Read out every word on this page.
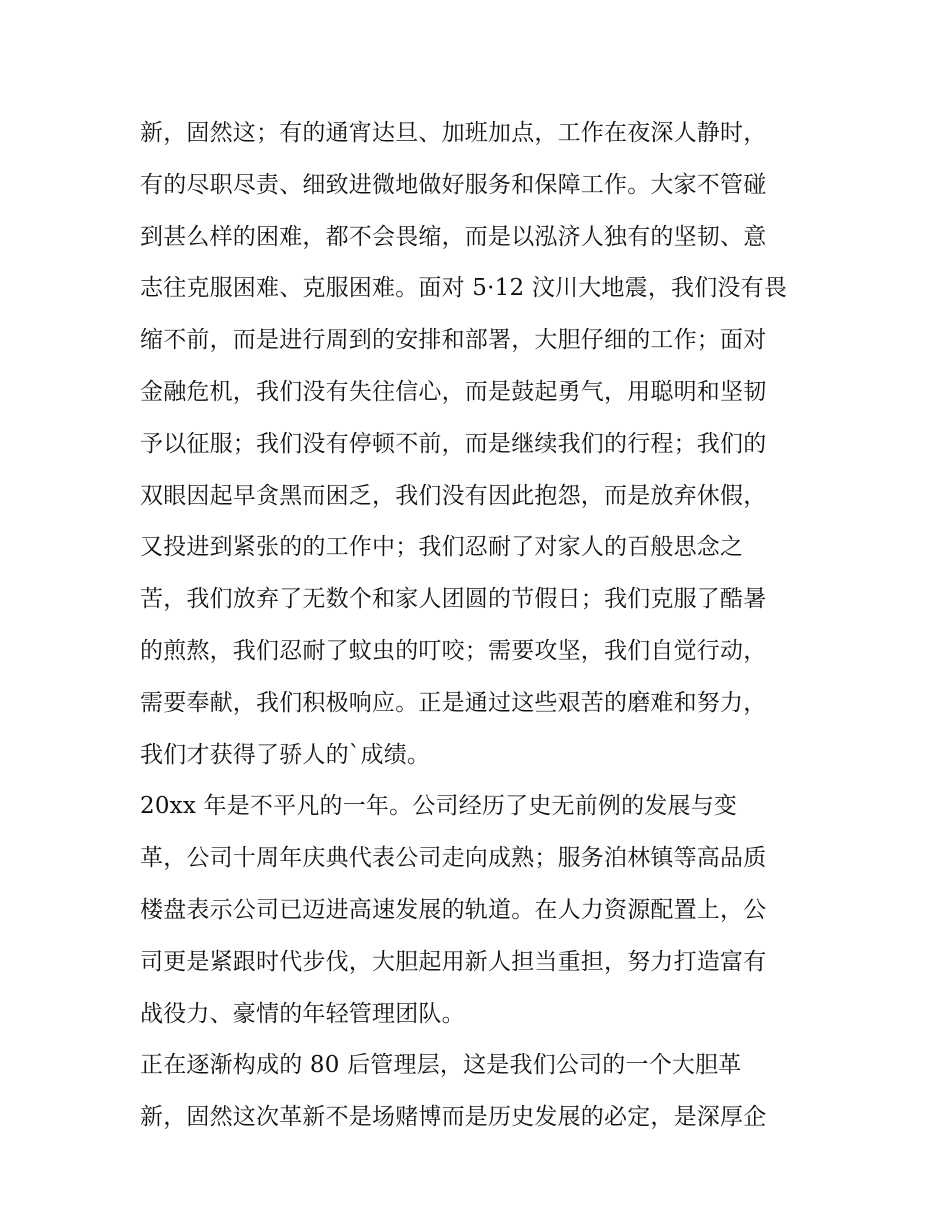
新，固然这；有的通宵达旦、加班加点，工作在夜深人静时，
有的尽职尽责、细致进微地做好服务和保障工作。大家不管碰
到甚么样的困难，都不会畏缩，而是以泓济人独有的坚韧、意
志往克服困难、克服困难。面对 5·12 汶川大地震，我们没有畏
缩不前，而是进行周到的安排和部署，大胆仔细的工作；面对
金融危机，我们没有失往信心，而是鼓起勇气，用聪明和坚韧
予以征服；我们没有停顿不前，而是继续我们的行程；我们的
双眼因起早贪黑而困乏，我们没有因此抱怨，而是放弃休假，
又投进到紧张的的工作中；我们忍耐了对家人的百般思念之
苦，我们放弃了无数个和家人团圆的节假日；我们克服了酷暑
的煎熬，我们忍耐了蚊虫的叮咬；需要攻坚，我们自觉行动，
需要奉献，我们积极响应。正是通过这些艰苦的磨难和努力，
我们才获得了骄人的`成绩。
20xx 年是不平凡的一年。公司经历了史无前例的发展与变
革，公司十周年庆典代表公司走向成熟；服务泊林镇等高品质
楼盘表示公司已迈进高速发展的轨道。在人力资源配置上，公
司更是紧跟时代步伐，大胆起用新人担当重担，努力打造富有
战役力、豪情的年轻管理团队。
正在逐渐构成的 80 后管理层，这是我们公司的一个大胆革
新，固然这次革新不是场赌博而是历史发展的必定，是深厚企
